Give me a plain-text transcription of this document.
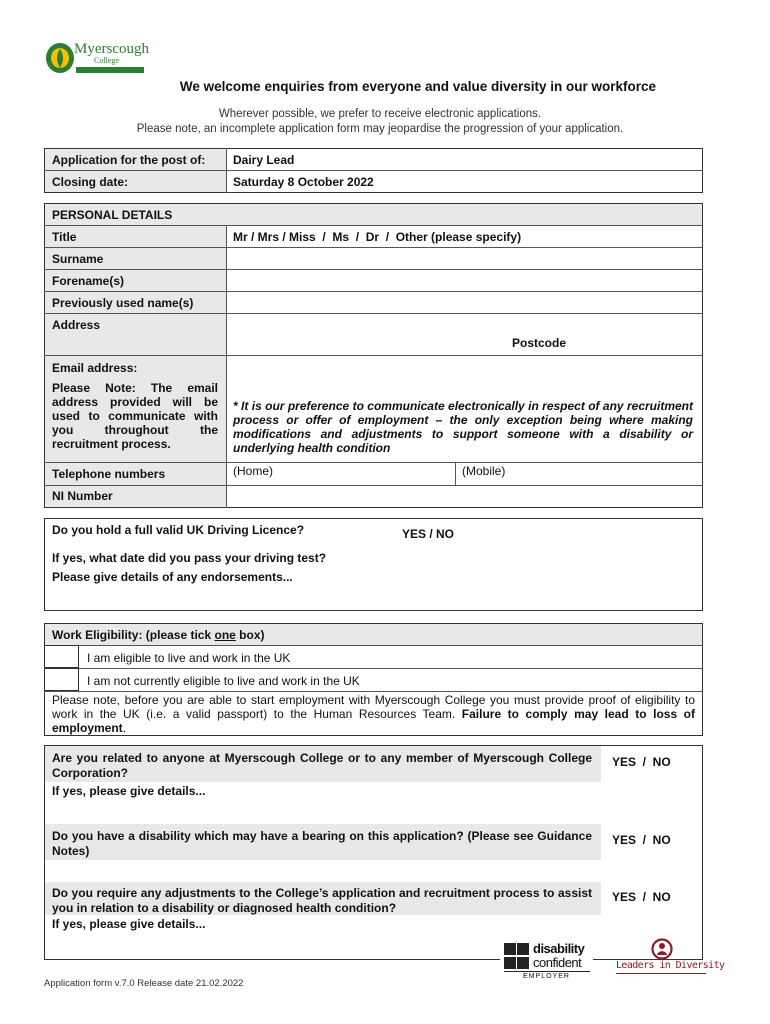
Myerscough
College
We welcome enquiries from everyone and value diversity in our workforce
Wherever possible, we prefer to receive electronic applications.
Please note, an incomplete application form may jeopardise the progression of your application.
Application for the post of: Dairy Lead
Closing date:	Saturday 8 October 2022
PERSONAL DETAILS
Title	Mr / Mrs / Miss  /  Ms  /  Dr  /  Other (please specify)
Surname
Forename(s)
Previously used name(s)
Address
Postcode
Email address:
Please Note: The email address provided will be used to communicate with you throughout the recruitment process.
* It is our preference to communicate electronically in respect of any recruitment process or offer of employment – the only exception being where making modifications and adjustments to support someone with a disability or underlying health condition
Telephone numbers	(Home)	(Mobile)
NI Number
Do you hold a full valid UK Driving Licence?	YES / NO
If yes, what date did you pass your driving test?
Please give details of any endorsements...
Work Eligibility: (please tick one box)
I am eligible to live and work in the UK
I am not currently eligible to live and work in the UK
Please note, before you are able to start employment with Myerscough College you must provide proof of eligibility to work in the UK (i.e. a valid passport) to the Human Resources Team. Failure to comply may lead to loss of employment.
Are you related to anyone at Myerscough College or to any member of Myerscough College Corporation?
YES  /  NO
If yes, please give details...
Do you have a disability which may have a bearing on this application? (Please see Guidance Notes)
YES  /  NO
Do you require any adjustments to the College’s application and recruitment process to assist you in relation to a disability or diagnosed health condition?
YES  /  NO
If yes, please give details...
disability
confident
EMPLOYER
Leaders in Diversity
Application form v.7.0 Release date 21.02.2022
